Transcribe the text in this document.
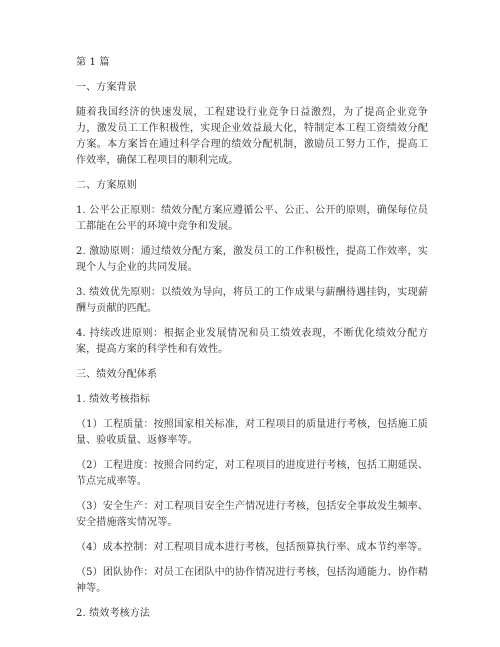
第 1 篇

一、方案背景

随着我国经济的快速发展，工程建设行业竞争日益激烈，为了提高企业竞争力，激发员工工作积极性，实现企业效益最大化，特制定本工程工资绩效分配方案。本方案旨在通过科学合理的绩效分配机制，激励员工努力工作，提高工作效率，确保工程项目的顺利完成。

二、方案原则

1. 公平公正原则：绩效分配方案应遵循公平、公正、公开的原则，确保每位员工都能在公平的环境中竞争和发展。

2. 激励原则：通过绩效分配方案，激发员工的工作积极性，提高工作效率，实现个人与企业的共同发展。

3. 绩效优先原则：以绩效为导向，将员工的工作成果与薪酬待遇挂钩，实现薪酬与贡献的匹配。

4. 持续改进原则：根据企业发展情况和员工绩效表现，不断优化绩效分配方案，提高方案的科学性和有效性。

三、绩效分配体系

1. 绩效考核指标

（1）工程质量：按照国家相关标准，对工程项目的质量进行考核，包括施工质量、验收质量、返修率等。

（2）工程进度：按照合同约定，对工程项目的进度进行考核，包括工期延误、节点完成率等。

（3）安全生产：对工程项目安全生产情况进行考核，包括安全事故发生频率、安全措施落实情况等。

（4）成本控制：对工程项目成本进行考核，包括预算执行率、成本节约率等。

（5）团队协作：对员工在团队中的协作情况进行考核，包括沟通能力、协作精神等。

2. 绩效考核方法
